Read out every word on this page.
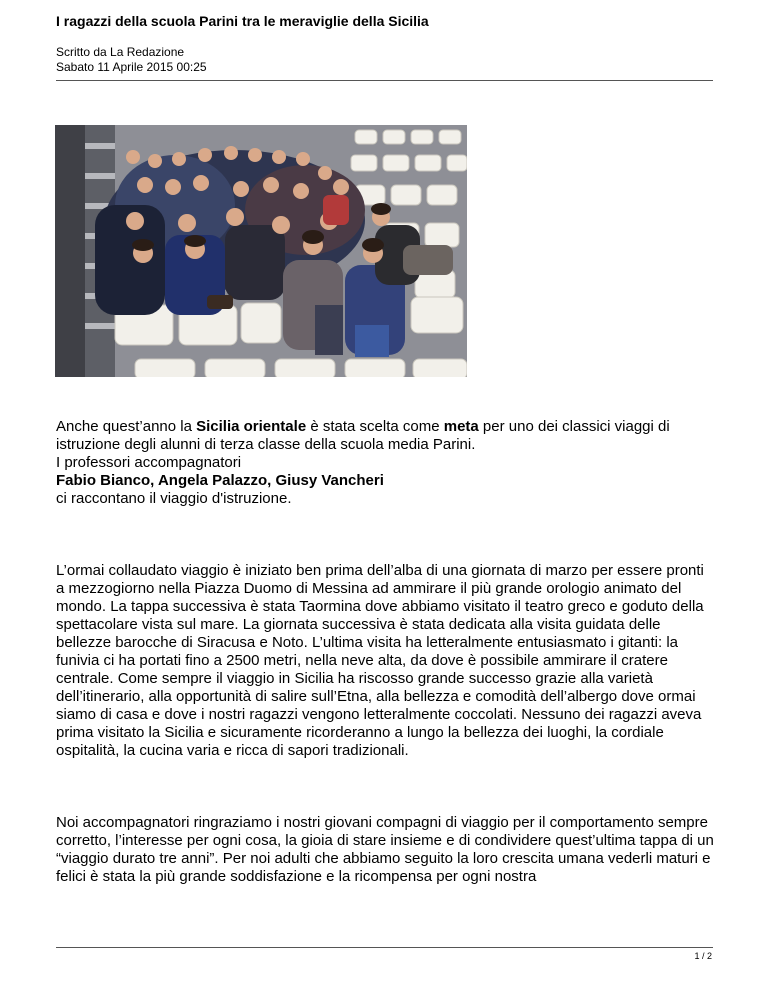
I ragazzi della scuola Parini tra le meraviglie della Sicilia
Scritto da La Redazione
Sabato 11 Aprile 2015 00:25

Anche quest’anno la Sicilia orientale è stata scelta come meta per uno dei classici viaggi di istruzione degli alunni di terza classe della scuola media Parini.

I professori accompagnatori

Fabio Bianco, Angela Palazzo, Giusy Vancheri

ci raccontano il viaggio d'istruzione.

L’ormai collaudato viaggio è iniziato ben prima dell’alba di una giornata di marzo per essere pronti a mezzogiorno nella Piazza Duomo di Messina ad ammirare il più grande orologio animato del mondo. La tappa successiva è stata Taormina dove abbiamo visitato il teatro greco e goduto della spettacolare vista sul mare. La giornata successiva è stata dedicata alla visita guidata delle bellezze barocche di Siracusa e Noto. L’ultima visita ha letteralmente entusiasmato i gitanti: la funivia ci ha portati fino a 2500 metri, nella neve alta, da dove è possibile ammirare il cratere centrale. Come sempre il viaggio in Sicilia ha riscosso grande successo grazie alla varietà dell’itinerario, alla opportunità di salire sull’Etna, alla bellezza e comodità dell’albergo dove ormai siamo di casa e dove i nostri ragazzi vengono letteralmente coccolati. Nessuno dei ragazzi aveva prima visitato la Sicilia e sicuramente ricorderanno a lungo la bellezza dei luoghi, la cordiale ospitalità, la cucina varia e ricca di sapori tradizionali.

Noi accompagnatori ringraziamo i nostri giovani compagni di viaggio per il comportamento sempre corretto, l’interesse per ogni cosa, la gioia di stare insieme e di condividere quest’ultima tappa di un “viaggio durato tre anni”. Per noi adulti che abbiamo seguito la loro crescita umana vederli maturi e felici è stata la più grande soddisfazione e la ricompensa per ogni nostra

1 / 2
